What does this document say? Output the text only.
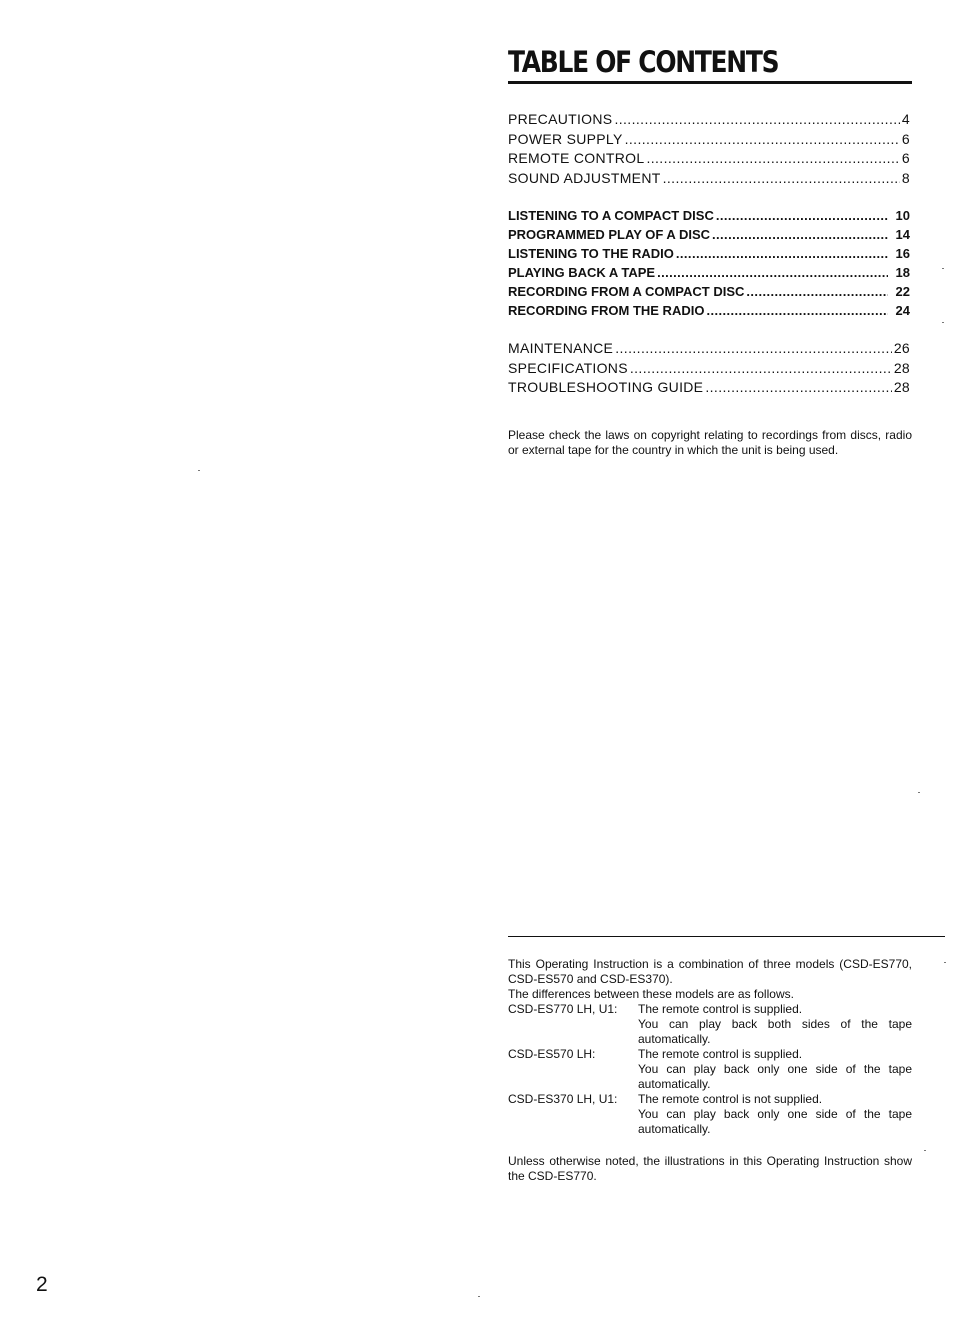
TABLE OF CONTENTS
PRECAUTIONS .....	4
POWER SUPPLY .....	6
REMOTE CONTROL .....	6
SOUND ADJUSTMENT .....	8
LISTENING TO A COMPACT DISC .....	10
PROGRAMMED PLAY OF A DISC .....	14
LISTENING TO THE RADIO .....	16
PLAYING BACK A TAPE .....	18
RECORDING FROM A COMPACT DISC .....	22
RECORDING FROM THE RADIO .....	24
MAINTENANCE .....	26
SPECIFICATIONS .....	28
TROUBLESHOOTING GUIDE .....	28

Please check the laws on copyright relating to recordings from discs, radio or external tape for the country in which the unit is being used.

This Operating Instruction is a combination of three models (CSD-ES770, CSD-ES570 and CSD-ES370).

The differences between these models are as follows.

CSD-ES770 LH, U1:	The remote control is supplied.
You can play back both sides of the tape automatically.
CSD-ES570 LH:	The remote control is supplied.
You can play back only one side of the tape automatically.
CSD-ES370 LH, U1:	The remote control is not supplied.
You can play back only one side of the tape automatically.

Unless otherwise noted, the illustrations in this Operating Instruction show the CSD-ES770.

2
